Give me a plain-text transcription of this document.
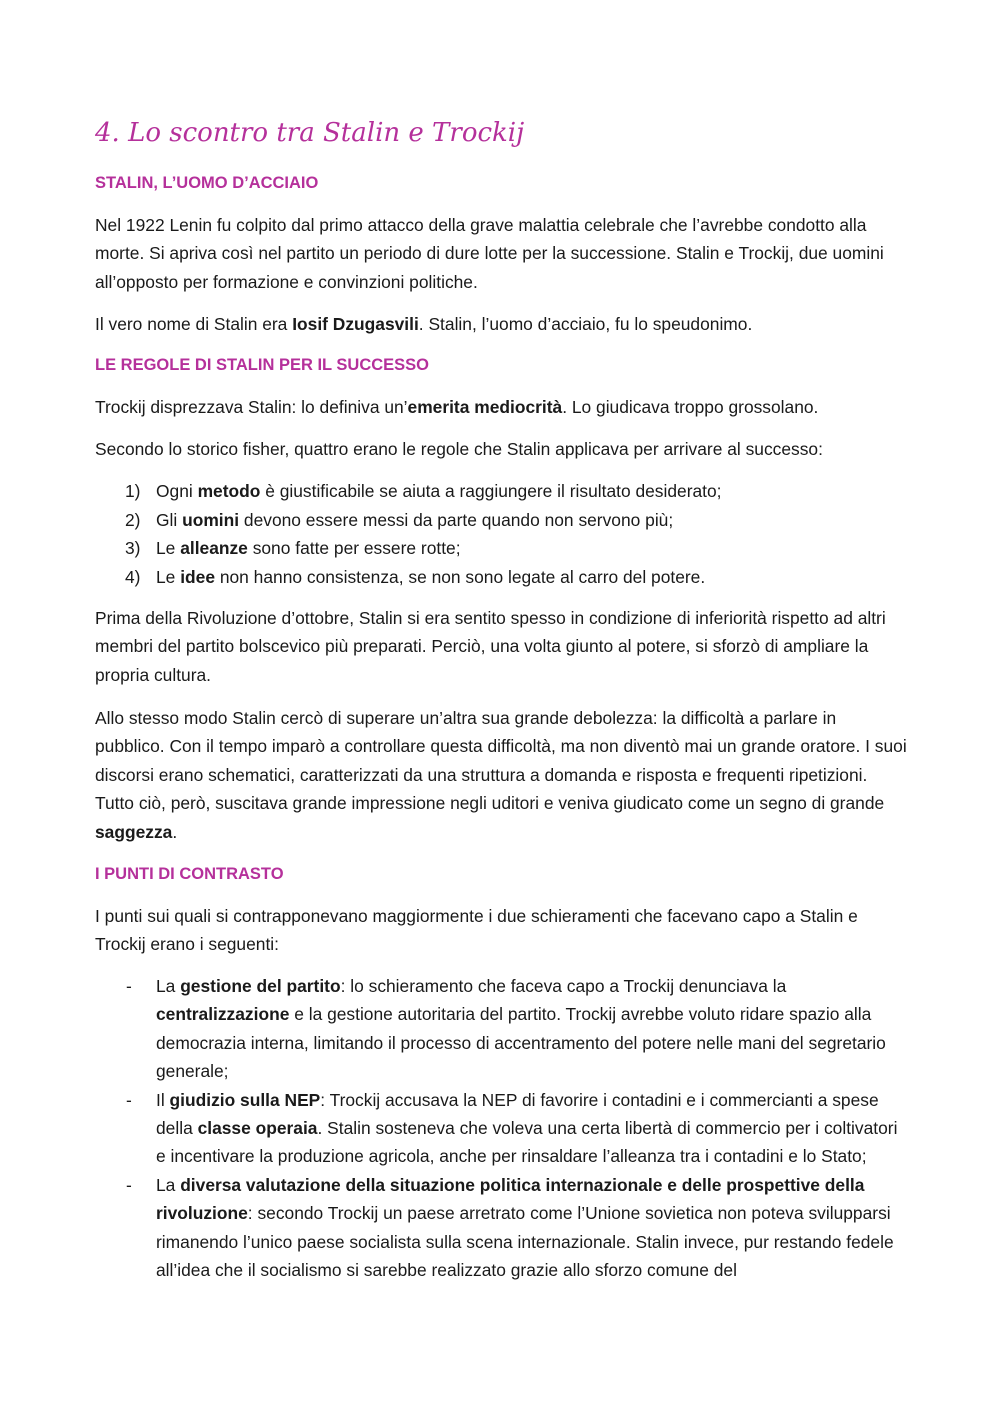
4. Lo scontro tra Stalin e Trockij
STALIN, L’UOMO D’ACCIAIO

Nel 1922 Lenin fu colpito dal primo attacco della grave malattia celebrale che l’avrebbe condotto alla morte. Si apriva così nel partito un periodo di dure lotte per la successione. Stalin e Trockij, due uomini all’opposto per formazione e convinzioni politiche.

Il vero nome di Stalin era Iosif Dzugasvili. Stalin, l’uomo d’acciaio, fu lo speudonimo.

LE REGOLE DI STALIN PER IL SUCCESSO

Trockij disprezzava Stalin: lo definiva un’emerita mediocrità. Lo giudicava troppo grossolano.

Secondo lo storico fisher, quattro erano le regole che Stalin applicava per arrivare al successo:

1) Ogni metodo è giustificabile se aiuta a raggiungere il risultato desiderato;
2) Gli uomini devono essere messi da parte quando non servono più;
3) Le alleanze sono fatte per essere rotte;
4) Le idee non hanno consistenza, se non sono legate al carro del potere.

Prima della Rivoluzione d’ottobre, Stalin si era sentito spesso in condizione di inferiorità rispetto ad altri membri del partito bolscevico più preparati. Perciò, una volta giunto al potere, si sforzò di ampliare la propria cultura.

Allo stesso modo Stalin cercò di superare un’altra sua grande debolezza: la difficoltà a parlare in pubblico. Con il tempo imparò a controllare questa difficoltà, ma non diventò mai un grande oratore. I suoi discorsi erano schematici, caratterizzati da una struttura a domanda e risposta e frequenti ripetizioni. Tutto ciò, però, suscitava grande impressione negli uditori e veniva giudicato come un segno di grande saggezza.

I PUNTI DI CONTRASTO

I punti sui quali si contrapponevano maggiormente i due schieramenti che facevano capo a Stalin e Trockij erano i seguenti:

- La gestione del partito: lo schieramento che faceva capo a Trockij denunciava la centralizzazione e la gestione autoritaria del partito. Trockij avrebbe voluto ridare spazio alla democrazia interna, limitando il processo di accentramento del potere nelle mani del segretario generale;
- Il giudizio sulla NEP: Trockij accusava la NEP di favorire i contadini e i commercianti a spese della classe operaia. Stalin sosteneva che voleva una certa libertà di commercio per i coltivatori e incentivare la produzione agricola, anche per rinsaldare l’alleanza tra i contadini e lo Stato;
- La diversa valutazione della situazione politica internazionale e delle prospettive della rivoluzione: secondo Trockij un paese arretrato come l’Unione sovietica non poteva svilupparsi rimanendo l’unico paese socialista sulla scena internazionale. Stalin invece, pur restando fedele all’idea che il socialismo si sarebbe realizzato grazie allo sforzo comune del
